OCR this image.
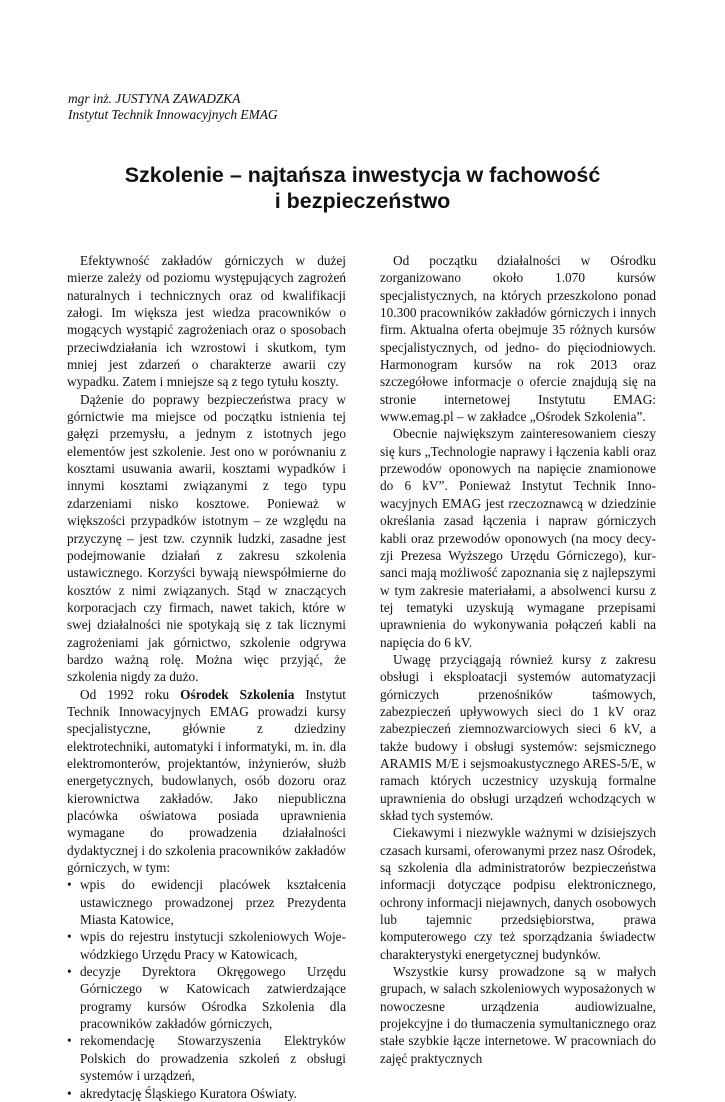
mgr inż. JUSTYNA ZAWADZKA
Instytut Technik Innowacyjnych EMAG
Szkolenie – najtańsza inwestycja w fachowość
i bezpieczeństwo

Efektywność zakładów górniczych w dużej mierze zależy od poziomu występujących zagrożeń naturalnych i technicznych oraz od kwalifikacji załogi. Im większa jest wiedza pracowników o mogących wystąpić zagrożeniach oraz o sposobach przeciwdziałania ich wzrostowi i skutkom, tym mniej jest zdarzeń o charakterze awarii czy wypadku. Zatem i mniejsze są z tego tytułu koszty.

Dążenie do poprawy bezpieczeństwa pracy w górnictwie ma miejsce od początku istnienia tej gałęzi przemysłu, a jednym z istotnych jego elementów jest szkolenie. Jest ono w porównaniu z kosztami usuwania awarii, kosztami wypadków i innymi kosztami związanymi z tego typu zdarzeniami nisko kosztowe. Ponieważ w większości przypadków istotnym – ze względu na przyczynę – jest tzw. czynnik ludzki, zasadne jest podejmowanie działań z zakresu szkolenia ustawicznego. Korzyści bywają niewspółmierne do kosztów z nimi związanych. Stąd w znaczących korporacjach czy firmach, nawet takich, które w swej działalności nie spotykają się z tak licznymi zagrożeniami jak górnictwo, szkolenie odgrywa bardzo ważną rolę. Można więc przyjąć, że szkolenia nigdy za dużo.

Od 1992 roku Ośrodek Szkolenia Instytut Technik Innowacyjnych EMAG prowadzi kursy specjalistyczne, głównie z dziedziny elektrotechniki, automatyki i informatyki, m. in. dla elektromonterów, projektantów, inżynierów, służb energetycznych, budowlanych, osób dozoru oraz kierownictwa zakładów. Jako niepubliczna placówka oświatowa posiada uprawnienia wymagane do prowadzenia działalności dydaktycznej i do szkolenia pracowników zakładów górniczych, w tym:

• wpis do ewidencji placówek kształcenia ustawicznego prowadzonej przez Prezydenta Miasta Katowice,
• wpis do rejestru instytucji szkoleniowych Wojewódzkiego Urzędu Pracy w Katowicach,
• decyzje Dyrektora Okręgowego Urzędu Górniczego w Katowicach zatwierdzające programy kursów Ośrodka Szkolenia dla pracowników zakładów górniczych,
• rekomendację Stowarzyszenia Elektryków Polskich do prowadzenia szkoleń z obsługi systemów i urządzeń,
• akredytację Śląskiego Kuratora Oświaty.

Od początku działalności w Ośrodku zorganizowano około 1.070 kursów specjalistycznych, na których przeszkolono ponad 10.300 pracowników zakładów górniczych i innych firm. Aktualna oferta obejmuje 35 różnych kursów specjalistycznych, od jedno- do pięciodniowych. Harmonogram kursów na rok 2013 oraz szczegółowe informacje o ofercie znajdują się na stronie internetowej Instytutu EMAG: www.emag.pl – w zakładce „Ośrodek Szkolenia”.

Obecnie największym zainteresowaniem cieszy się kurs „Technologie naprawy i łączenia kabli oraz przewodów oponowych na napięcie znamionowe do 6 kV”. Ponieważ Instytut Technik Innowacyjnych EMAG jest rzeczoznawcą w dziedzinie określania zasad łączenia i napraw górniczych kabli oraz przewodów oponowych (na mocy decyzji Prezesa Wyższego Urzędu Górniczego), kursanci mają możliwość zapoznania się z najlepszymi w tym zakresie materiałami, a absolwenci kursu z tej tematyki uzyskują wymagane przepisami uprawnienia do wykonywania połączeń kabli na napięcia do 6 kV.

Uwagę przyciągają również kursy z zakresu obsługi i eksploatacji systemów automatyzacji górniczych przenośników taśmowych, zabezpieczeń upływowych sieci do 1 kV oraz zabezpieczeń ziemnozwarciowych sieci 6 kV, a także budowy i obsługi systemów: sejsmicznego ARAMIS M/E i sejsmoakustycznego ARES-5/E, w ramach których uczestnicy uzyskują formalne uprawnienia do obsługi urządzeń wchodzących w skład tych systemów.

Ciekawymi i niezwykle ważnymi w dzisiejszych czasach kursami, oferowanymi przez nasz Ośrodek, są szkolenia dla administratorów bezpieczeństwa informacji dotyczące podpisu elektronicznego, ochrony informacji niejawnych, danych osobowych lub tajemnic przedsiębiorstwa, prawa komputerowego czy też sporządzania świadectw charakterystyki energetycznej budynków.

Wszystkie kursy prowadzone są w małych grupach, w salach szkoleniowych wyposażonych w nowoczesne urządzenia audiowizualne, projekcyjne i do tłumaczenia symultanicznego oraz stałe szybkie łącze internetowe. W pracowniach do zajęć praktycznych
